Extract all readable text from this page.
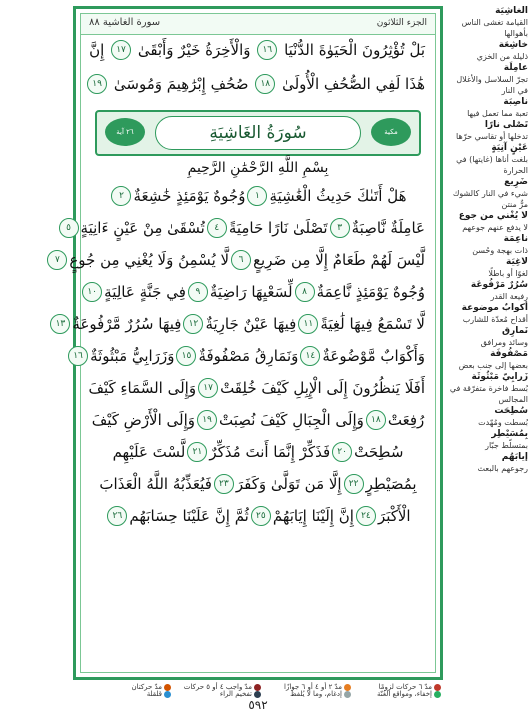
الغاشِيَة
القيامة تغشى الناس بأهوالها
خاشِعَة
ذليلة من الخزي
عامِلَة
تجرّ السلاسل والأغلال في النار
ناصِبَة
تعبة مما تعمل فيها
تَصْلى نارًا
تدخلها أو تقاسي حرّها
عَيْنٍ آنِيَةٍ
بلغت أناها (غايتها) في الحرارة
ضَرِيع
شيء في النار كالشوك مرٌّ منتن
لا يُغْني من جوع
لا يدفع عنهم جوعهم
ناعِمَة
ذات بهجة وحُسن
لاغِيَة
لغوًا أو باطلًا
سُرُرٌ مَرْفُوعَة
رفيعة القدر
أكوابٌ موضوعة
أقداح مُعدّة للشارب
نَمارِق
وسائد ومرافق
مَصْفُوفَة
بعضها إلى جنب بعض
زَرابِيّ مَبْثُوثَة
بُسط فاخرة متفرّقة في المجالس
سُطِحَت
بُسطت ومُهّدت
بِمُسَيْطِر
بمتسلّط جبّار
إيابَهُم
رجوعهم بالبعث
الجزء الثلاثون
سورة الغاشية ٨٨
بَلْ تُؤْثِرُونَ الْحَيَوٰةَ الدُّنْيَا ١٦ وَالْأَخِرَةُ خَيْرٌ وَأَبْقَىٰ ١٧ إِنَّ
هَٰذَا لَفِي الصُّحُفِ الْأُولَىٰ ١٨ صُحُفِ إِبْرَٰهِيمَ وَمُوسَىٰ ١٩
مكية
سُورَةُ الغَاشِيَةِ
٢٦ آية
بِسْمِ اللَّهِ الرَّحْمَٰنِ الرَّحِيمِ
هَلْ أَتَىٰكَ حَدِيثُ الْغَٰشِيَةِ١وُجُوهٌ يَوْمَئِذٍ خَٰشِعَةٌ٢
عَامِلَةٌ نَّاصِبَةٌ٣تَصْلَىٰ نَارًا حَامِيَةً٤تُسْقَىٰ مِنْ عَيْنٍ ءَانِيَةٍ٥
لَّيْسَ لَهُمْ طَعَامٌ إِلَّا مِن ضَرِيعٍ٦لَّا يُسْمِنُ وَلَا يُغْنِي مِن جُوعٍ٧
وُجُوهٌ يَوْمَئِذٍ نَّاعِمَةٌ٨لِّسَعْيِهَا رَاضِيَةٌ٩فِي جَنَّةٍ عَالِيَةٍ١٠
لَّا تَسْمَعُ فِيهَا لَٰغِيَةً١١فِيهَا عَيْنٌ جَارِيَةٌ١٢فِيهَا سُرُرٌ مَّرْفُوعَةٌ١٣
وَأَكْوَابٌ مَّوْضُوعَةٌ١٤وَنَمَارِقُ مَصْفُوفَةٌ١٥وَزَرَابِيُّ مَبْثُوثَةٌ١٦
أَفَلَا يَنظُرُونَ إِلَى الْإِبِلِ كَيْفَ خُلِقَتْ١٧وَإِلَى السَّمَاءِ كَيْفَ
رُفِعَتْ١٨وَإِلَى الْجِبَالِ كَيْفَ نُصِبَتْ١٩وَإِلَى الْأَرْضِ كَيْفَ
سُطِحَتْ٢٠فَذَكِّرْ إِنَّمَا أَنتَ مُذَكِّرٌ٢١لَّسْتَ عَلَيْهِم
بِمُصَيْطِرٍ٢٢إِلَّا مَن تَوَلَّىٰ وَكَفَرَ٢٣فَيُعَذِّبُهُ اللَّهُ الْعَذَابَ
الْأَكْبَرَ٢٤إِنَّ إِلَيْنَا إِيَابَهُمْ٢٥ثُمَّ إِنَّ عَلَيْنَا حِسَابَهُم٢٦
مدّ ٦ حركات لزومًا
مدّ ٢ أو ٤ أو ٦ جوازًا
مدّ واجب ٤ أو ٥ حركات
مدّ حركتان
إخفاء، ومواقع الغُنّة
إدغام، وما لا يُلفظ
تفخيم الراء
قلقلة
٥٩٢
